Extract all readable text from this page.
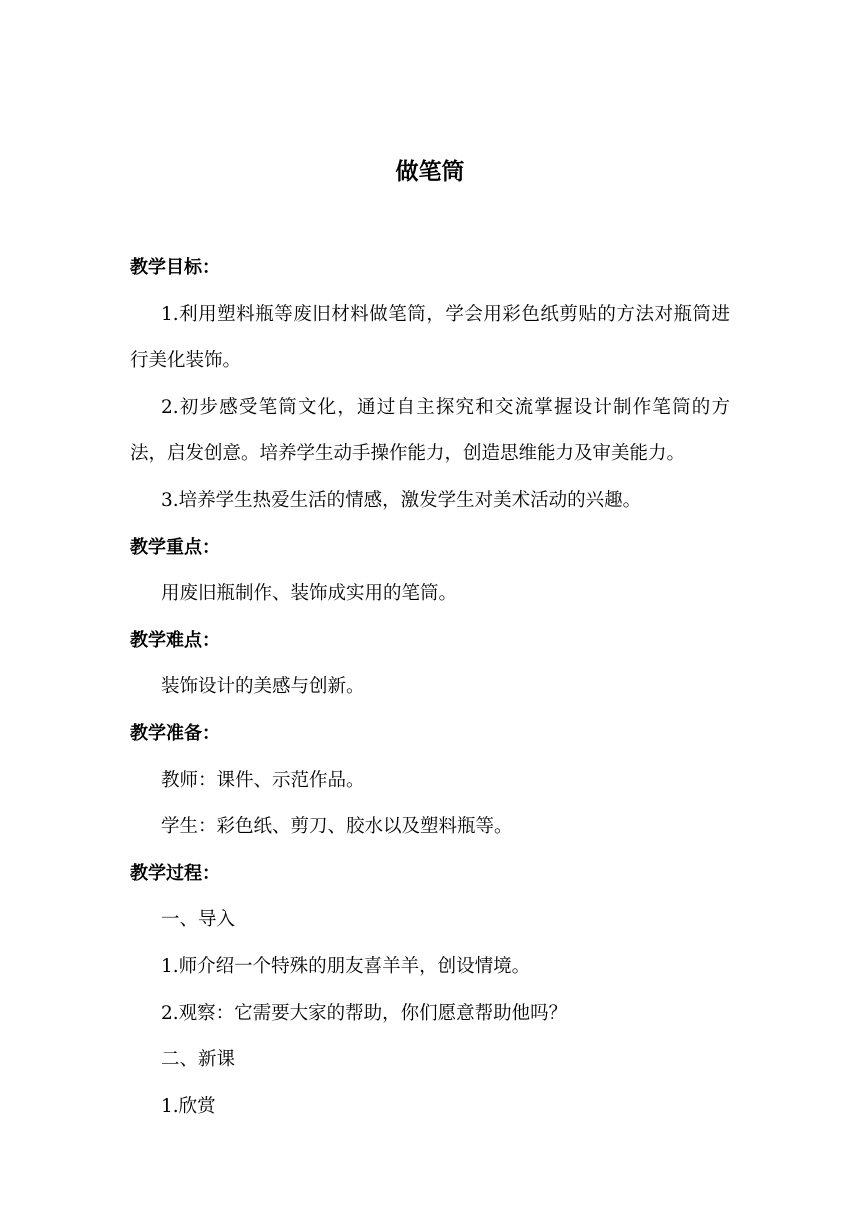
做笔筒

教学目标：

1.利用塑料瓶等废旧材料做笔筒，学会用彩色纸剪贴的方法对瓶筒进行美化装饰。

2.初步感受笔筒文化，通过自主探究和交流掌握设计制作笔筒的方法，启发创意。培养学生动手操作能力，创造思维能力及审美能力。

3.培养学生热爱生活的情感，激发学生对美术活动的兴趣。

教学重点：

用废旧瓶制作、装饰成实用的笔筒。

教学难点：

装饰设计的美感与创新。

教学准备：

教师：课件、示范作品。

学生：彩色纸、剪刀、胶水以及塑料瓶等。

教学过程：

一、导入

1.师介绍一个特殊的朋友喜羊羊，创设情境。

2.观察：它需要大家的帮助，你们愿意帮助他吗？

二、新课

1.欣赏
